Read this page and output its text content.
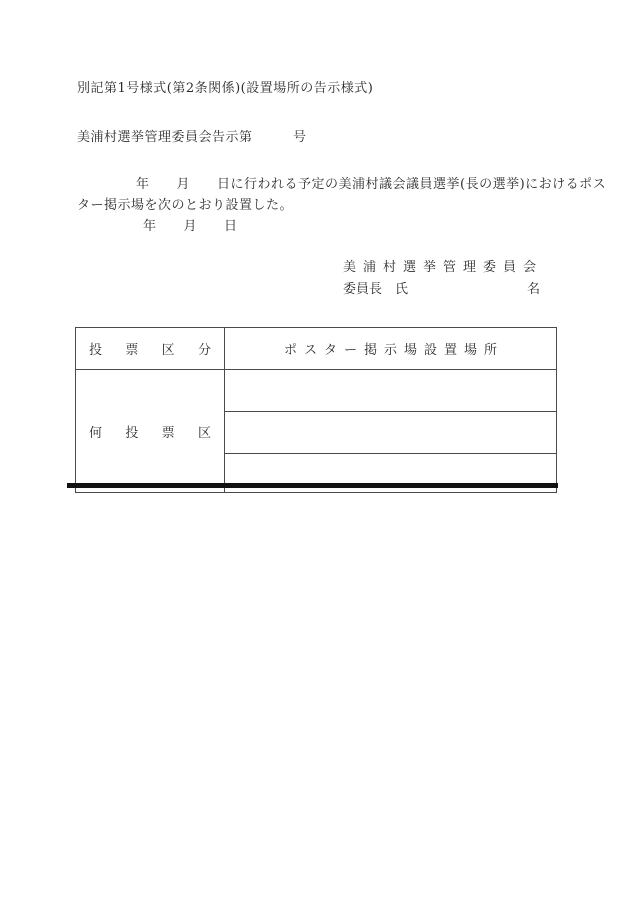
別記第1号様式(第2条関係)(設置場所の告示様式)
美浦村選挙管理委員会告示第　　　号
年　　月　　日に行われる予定の美浦村議会議員選挙(長の選挙)におけるポス
ター掲示場を次のとおり設置した。
年　　月　　日
美浦村選挙管理委員会
委員長　氏	名
投票区分	ポスター掲示場設置場所
何投票区	
